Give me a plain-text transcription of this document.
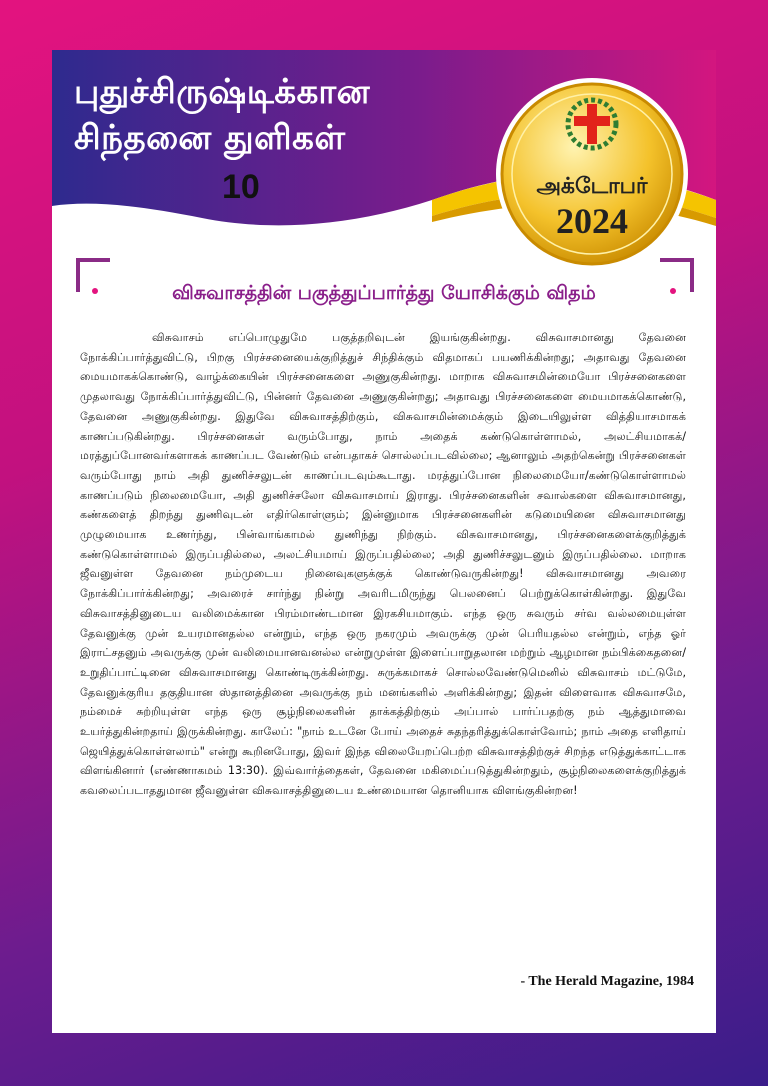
புதுச்சிருஷ்டிக்கான
சிந்தனை துளிகள்
10	அக்டோபர்
2024
விசுவாசத்தின் பகுத்துப்பார்த்து யோசிக்கும் விதம்

விசுவாசம் எப்பொழுதுமே பகுத்தறிவுடன் இயங்குகின்றது. விசுவாசமானது தேவனை நோக்கிப்பார்த்துவிட்டு, பிறகு பிரச்சனையைக்குறித்துச் சிந்திக்கும் விதமாகப் பயணிக்கின்றது; அதாவது தேவனை மையமாகக்கொண்டு, வாழ்க்கையின் பிரச்சனைகளை அணுகுகின்றது. மாறாக விசுவாசமின்மையோ பிரச்சனைகளை முதலாவது நோக்கிப்பார்த்துவிட்டு, பின்னர் தேவனை அணுகுகின்றது; அதாவது பிரச்சனைகளை மையமாகக்கொண்டு, தேவனை அணுகுகின்றது. இதுவே விசுவாசத்திற்கும், விசுவாசமின்மைக்கும் இடையிலுள்ள வித்தியாசமாகக் காணப்படுகின்றது. பிரச்சனைகள் வரும்போது, நாம் அதைக் கண்டுகொள்ளாமல், அலட்சியமாகக்/மரத்துப்போனவர்களாகக் காணப்பட வேண்டும் என்பதாகச் சொல்லப்படவில்லை; ஆனாலும் அதற்கென்று பிரச்சனைகள் வரும்போது நாம் அதி துணிச்சலுடன் காணப்படவும்கூடாது. மரத்துப்போன நிலைமையோ/கண்டுகொள்ளாமல் காணப்படும் நிலைமையோ, அதி துணிச்சலோ விசுவாசமாய் இராது. பிரச்சனைகளின் சவால்களை விசுவாசமானது, கண்களைத் திறந்து துணிவுடன் எதிர்கொள்ளும்; இன்னுமாக பிரச்சனைகளின் கடுமையினை விசுவாசமானது முழுமையாக உணர்ந்து, பின்வாங்காமல் துணிந்து நிற்கும். விசுவாசமானது, பிரச்சனைகளைக்குறித்துக் கண்டுகொள்ளாமல் இருப்பதில்லை, அலட்சியமாய் இருப்பதில்லை; அதி துணிச்சலுடனும் இருப்பதில்லை. மாறாக ஜீவனுள்ள தேவனை நம்முடைய நினைவுகளுக்குக் கொண்டுவருகின்றது! விசுவாசமானது அவரை நோக்கிப்பார்க்கின்றது; அவரைச் சார்ந்து நின்று அவரிடமிருந்து பெலனைப் பெற்றுக்கொள்கின்றது. இதுவே விசுவாசத்தினுடைய வலிமைக்கான பிரம்மாண்டமான இரகசியமாகும். எந்த ஒரு சுவரும் சர்வ வல்லமையுள்ள தேவனுக்கு முன் உயரமானதல்ல என்றும், எந்த ஒரு நகரமும் அவருக்கு முன் பெரியதல்ல என்றும், எந்த ஓர் இராட்சதனும் அவருக்கு முன் வலிமையானவனல்ல என்றுமுள்ள இளைப்பாறுதலான மற்றும் ஆழமான நம்பிக்கைதனை/உறுதிப்பாட்டினை விசுவாசமானது கொண்டிருக்கின்றது. சுருக்கமாகச் சொல்லவேண்டுமெனில் விசுவாசம் மட்டுமே, தேவனுக்குரிய தகுதியான ஸ்தானத்தினை அவருக்கு நம் மனங்களில் அளிக்கின்றது; இதன் விளைவாக விசுவாசமே, நம்மைச் சுற்றியுள்ள எந்த ஒரு சூழ்நிலைகளின் தாக்கத்திற்கும் அப்பால் பார்ப்பதற்கு நம் ஆத்துமாவை உயர்த்துகின்றதாய் இருக்கின்றது. காலேப்: "நாம் உடனே போய் அதைச் சுதந்தரித்துக்கொள்வோம்; நாம் அதை எளிதாய் ஜெயித்துக்கொள்ளலாம்" என்று கூறினபோது, இவர் இந்த விலையேறப்பெற்ற விசுவாசத்திற்குச் சிறந்த எடுத்துக்காட்டாக விளங்கினார் (எண்ணாகமம் 13:30). இவ்வார்த்தைகள், தேவனை மகிமைப்படுத்துகின்றதும், சூழ்நிலைகளைக்குறித்துக் கவலைப்படாததுமான ஜீவனுள்ள விசுவாசத்தினுடைய உண்மையான தொனியாக விளங்குகின்றன!

- The Herald Magazine, 1984
